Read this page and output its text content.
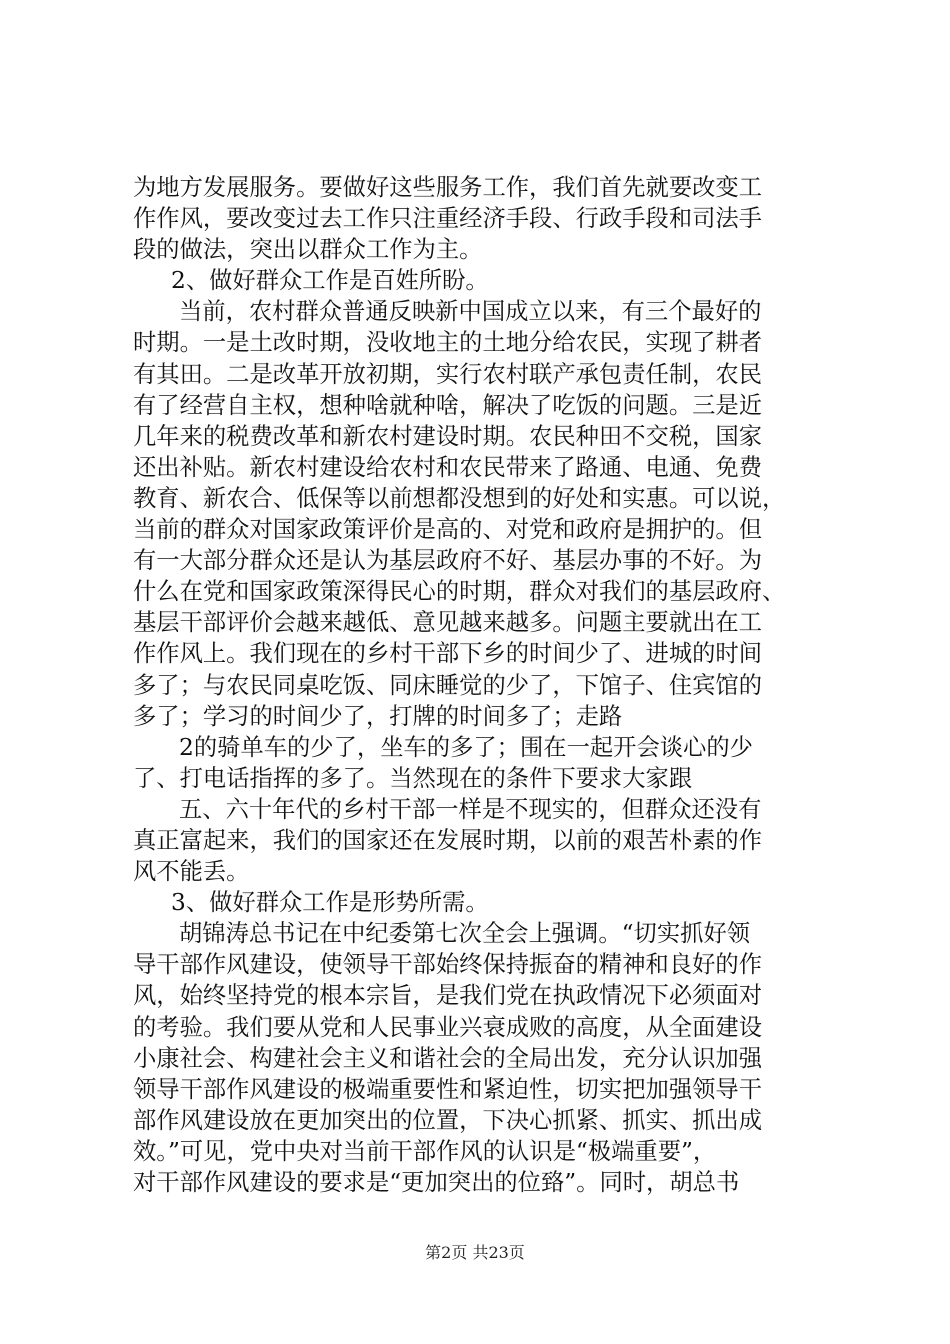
为地方发展服务。要做好这些服务工作，我们首先就要改变工
作作风，要改变过去工作只注重经济手段、行政手段和司法手
段的做法，突出以群众工作为主。
2、做好群众工作是百姓所盼。
当前，农村群众普通反映新中国成立以来，有三个最好的
时期。一是土改时期，没收地主的土地分给农民，实现了耕者
有其田。二是改革开放初期，实行农村联产承包责任制，农民
有了经营自主权，想种啥就种啥，解决了吃饭的问题。三是近
几年来的税费改革和新农村建设时期。农民种田不交税，国家
还出补贴。新农村建设给农村和农民带来了路通、电通、免费
教育、新农合、低保等以前想都没想到的好处和实惠。可以说，
当前的群众对国家政策评价是高的、对党和政府是拥护的。但
有一大部分群众还是认为基层政府不好、基层办事的不好。为
什么在党和国家政策深得民心的时期，群众对我们的基层政府、
基层干部评价会越来越低、意见越来越多。问题主要就出在工
作作风上。我们现在的乡村干部下乡的时间少了、进城的时间
多了；与农民同桌吃饭、同床睡觉的少了，下馆子、住宾馆的
多了；学习的时间少了，打牌的时间多了；走路
2的骑单车的少了，坐车的多了；围在一起开会谈心的少
了、打电话指挥的多了。当然现在的条件下要求大家跟
五、六十年代的乡村干部一样是不现实的，但群众还没有
真正富起来，我们的国家还在发展时期，以前的艰苦朴素的作
风不能丢。
3、做好群众工作是形势所需。
胡锦涛总书记在中纪委第七次全会上强调。“切实抓好领
导干部作风建设，使领导干部始终保持振奋的精神和良好的作
风，始终坚持党的根本宗旨，是我们党在执政情况下必须面对
的考验。我们要从党和人民事业兴衰成败的高度，从全面建设
小康社会、构建社会主义和谐社会的全局出发，充分认识加强
领导干部作风建设的极端重要性和紧迫性，切实把加强领导干
部作风建设放在更加突出的位置，下决心抓紧、抓实、抓出成
效。”可见，党中央对当前干部作风的认识是“极端重要”，
对干部作风建设的要求是“更加突出的位臵”。同时，胡总书
第2页 共23页
